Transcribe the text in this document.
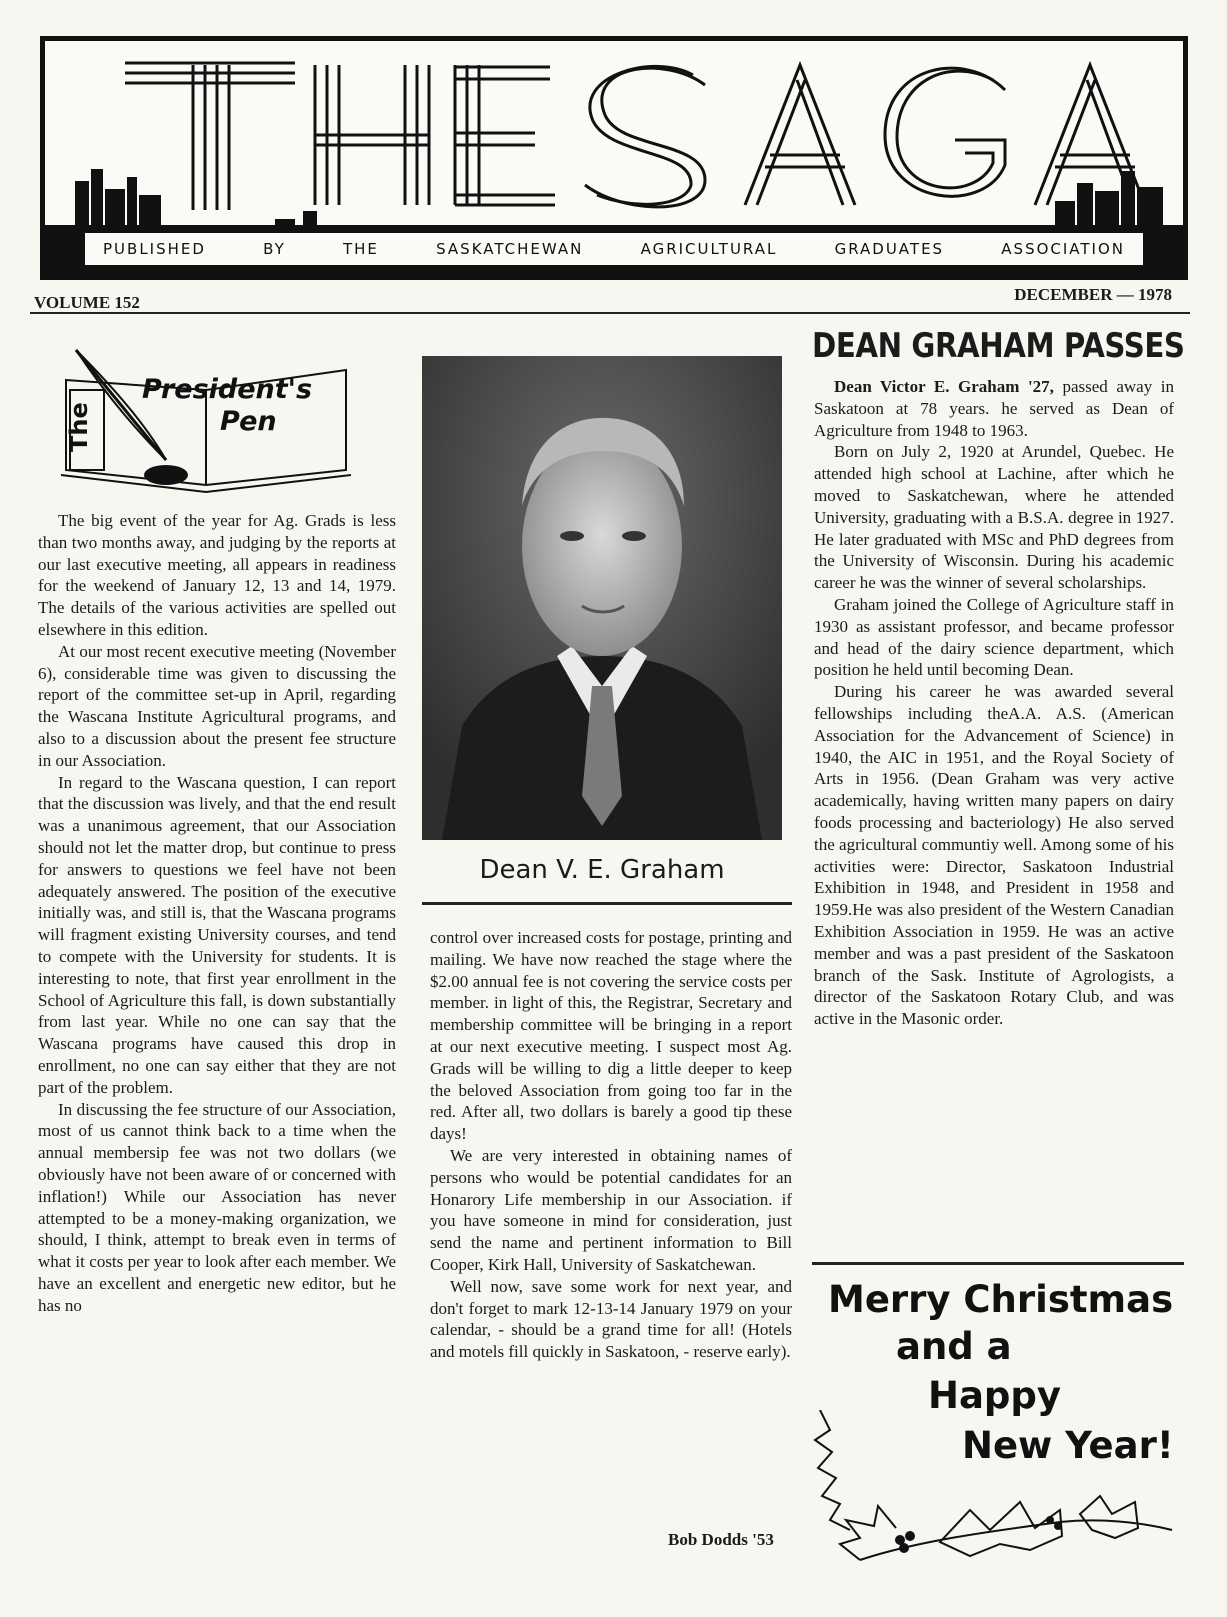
PUBLISHED	BY	THE	SASKATCHEWAN	AGRICULTURAL	GRADUATES	ASSOCIATION
VOLUME 152	DECEMBER — 1978
The
President's
Pen

The big event of the year for Ag. Grads is less than two months away, and judging by the reports at our last executive meeting, all appears in readiness for the weekend of January 12, 13 and 14, 1979. The details of the various activities are spelled out elsewhere in this edition.

At our most recent executive meeting (November 6), considerable time was given to discussing the report of the committee set-up in April, regarding the Wascana Institute Agricultural programs, and also to a discussion about the present fee structure in our Association.

In regard to the Wascana question, I can report that the discussion was lively, and that the end result was a unanimous agreement, that our Association should not let the matter drop, but continue to press for answers to questions we feel have not been adequately answered. The position of the executive initially was, and still is, that the Wascana programs will fragment existing University courses, and tend to compete with the University for students. It is interesting to note, that first year enrollment in the School of Agriculture this fall, is down substantially from last year. While no one can say that the Wascana programs have caused this drop in enrollment, no one can say either that they are not part of the problem.

In discussing the fee structure of our Association, most of us cannot think back to a time when the annual membersip fee was not two dollars (we obviously have not been aware of or concerned with inflation!) While our Association has never attempted to be a money-making organization, we should, I think, attempt to break even in terms of what it costs per year to look after each member. We have an excellent and energetic new editor, but he has no

Dean V. E. Graham

control over increased costs for postage, printing and mailing. We have now reached the stage where the $2.00 annual fee is not covering the service costs per member. in light of this, the Registrar, Secretary and membership committee will be bringing in a report at our next executive meeting. I suspect most Ag. Grads will be willing to dig a little deeper to keep the beloved Association from going too far in the red. After all, two dollars is barely a good tip these days!

We are very interested in obtaining names of persons who would be potential candidates for an Honarory Life membership in our Association. if you have someone in mind for consideration, just send the name and pertinent information to Bill Cooper, Kirk Hall, University of Saskatchewan.

Well now, save some work for next year, and don't forget to mark 12-13-14 January 1979 on your calendar, - should be a grand time for all! (Hotels and motels fill quickly in Saskatoon, - reserve early).

Bob Dodds '53
DEAN GRAHAM PASSES

Dean Victor E. Graham '27, passed away in Saskatoon at 78 years. he served as Dean of Agriculture from 1948 to 1963.

Born on July 2, 1920 at Arundel, Quebec. He attended high school at Lachine, after which he moved to Saskatchewan, where he attended University, graduating with a B.S.A. degree in 1927. He later graduated with MSc and PhD degrees from the University of Wisconsin. During his academic career he was the winner of several scholarships.

Graham joined the College of Agriculture staff in 1930 as assistant professor, and became professor and head of the dairy science department, which position he held until becoming Dean.

During his career he was awarded several fellowships including theA.A. A.S. (American Association for the Advancement of Science) in 1940, the AIC in 1951, and the Royal Society of Arts in 1956. (Dean Graham was very active academically, having written many papers on dairy foods processing and bacteriology) He also served the agricultural communtiy well. Among some of his activities were: Director, Saskatoon Industrial Exhibition in 1948, and President in 1958 and 1959.He was also president of the Western Canadian Exhibition Association in 1959. He was an active member and was a past president of the Saskatoon branch of the Sask. Institute of Agrologists, a director of the Saskatoon Rotary Club, and was active in the Masonic order.

Merry Christmas
and a
Happy
New Year!
